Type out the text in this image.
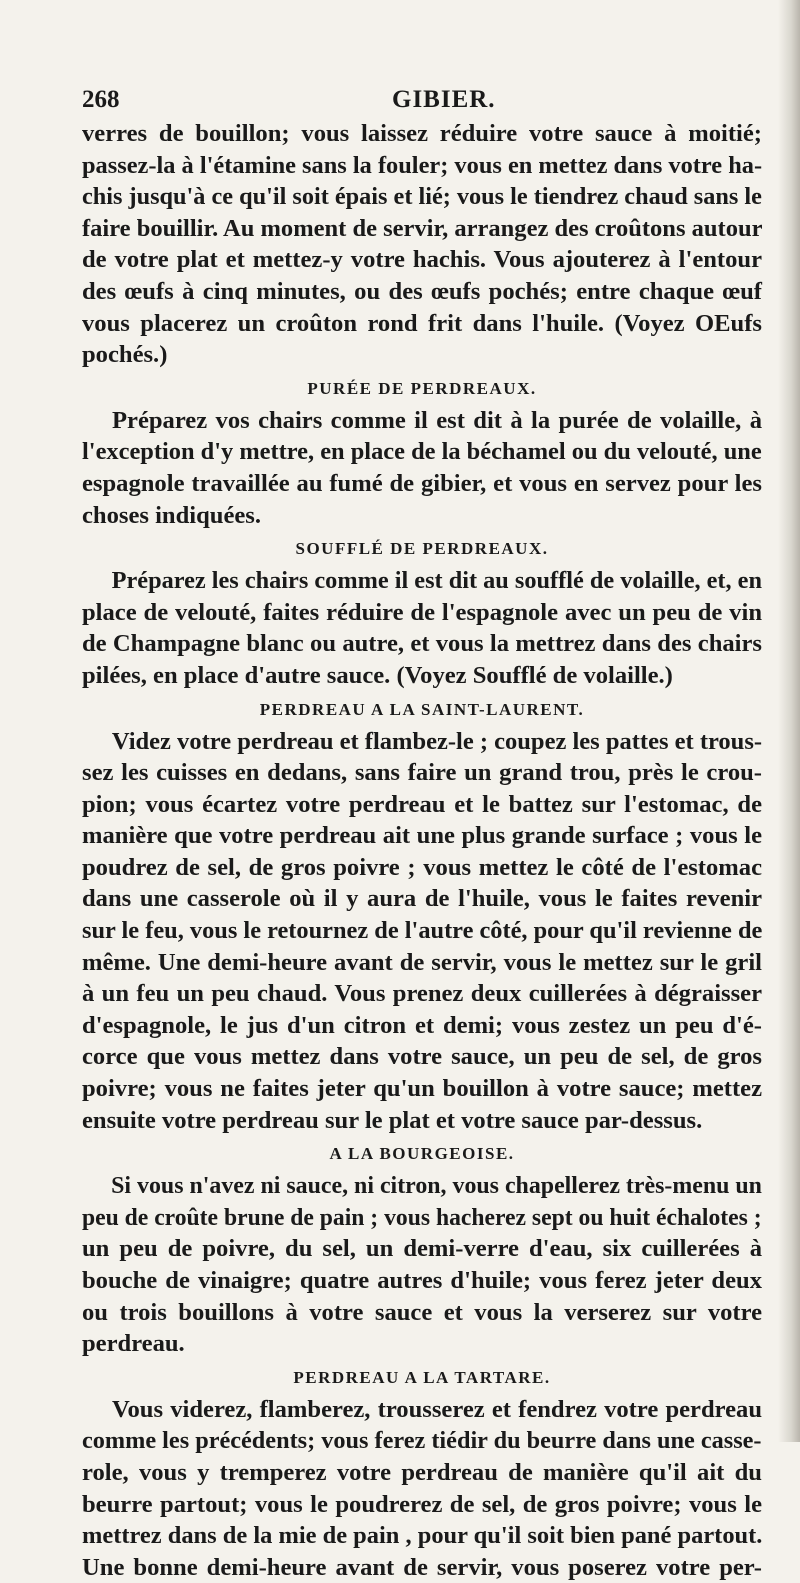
268	GIBIER.

verres de bouillon; vous laissez réduire votre sauce à moitié;
passez-la à l'étamine sans la fouler; vous en mettez dans votre ha-
chis jusqu'à ce qu'il soit épais et lié; vous le tiendrez chaud sans le
faire bouillir. Au moment de servir, arrangez des croûtons autour
de votre plat et mettez-y votre hachis. Vous ajouterez à l'entour
des œufs à cinq minutes, ou des œufs pochés; entre chaque œuf
vous placerez un croûton rond frit dans l'huile. (Voyez OEufs
pochés.)

PURÉE DE PERDREAUX.

Préparez vos chairs comme il est dit à la purée de volaille, à
l'exception d'y mettre, en place de la béchamel ou du velouté, une
espagnole travaillée au fumé de gibier, et vous en servez pour les
choses indiquées.

SOUFFLÉ DE PERDREAUX.

Préparez les chairs comme il est dit au soufflé de volaille, et, en
place de velouté, faites réduire de l'espagnole avec un peu de vin
de Champagne blanc ou autre, et vous la mettrez dans des chairs
pilées, en place d'autre sauce. (Voyez Soufflé de volaille.)

PERDREAU A LA SAINT-LAURENT.

Videz votre perdreau et flambez-le ; coupez les pattes et trous-
sez les cuisses en dedans, sans faire un grand trou, près le crou-
pion; vous écartez votre perdreau et le battez sur l'estomac, de
manière que votre perdreau ait une plus grande surface ; vous le
poudrez de sel, de gros poivre ; vous mettez le côté de l'estomac
dans une casserole où il y aura de l'huile, vous le faites revenir
sur le feu, vous le retournez de l'autre côté, pour qu'il revienne de
même. Une demi-heure avant de servir, vous le mettez sur le gril
à un feu un peu chaud. Vous prenez deux cuillerées à dégraisser
d'espagnole, le jus d'un citron et demi; vous zestez un peu d'é-
corce que vous mettez dans votre sauce, un peu de sel, de gros
poivre; vous ne faites jeter qu'un bouillon à votre sauce; mettez
ensuite votre perdreau sur le plat et votre sauce par-dessus.

A LA BOURGEOISE.

Si vous n'avez ni sauce, ni citron, vous chapellerez très-menu un
peu de croûte brune de pain ; vous hacherez sept ou huit échalotes ;
un peu de poivre, du sel, un demi-verre d'eau, six cuillerées à
bouche de vinaigre; quatre autres d'huile; vous ferez jeter deux
ou trois bouillons à votre sauce et vous la verserez sur votre
perdreau.

PERDREAU A LA TARTARE.

Vous viderez, flamberez, trousserez et fendrez votre perdreau
comme les précédents; vous ferez tiédir du beurre dans une casse-
role, vous y tremperez votre perdreau de manière qu'il ait du
beurre partout; vous le poudrerez de sel, de gros poivre; vous le
mettrez dans de la mie de pain , pour qu'il soit bien pané partout.
Une bonne demi-heure avant de servir, vous poserez votre per-
